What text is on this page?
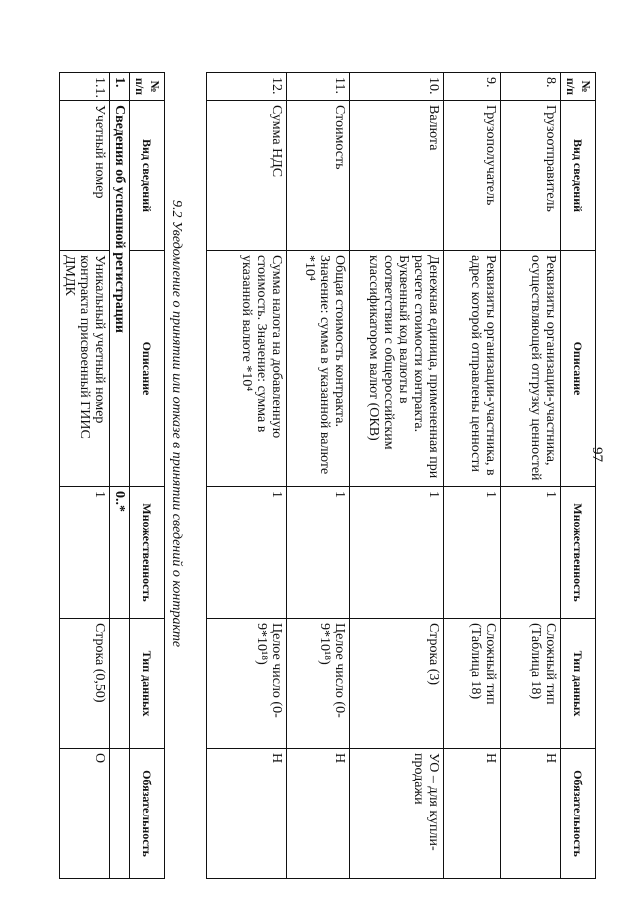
97
№ п/п	Вид сведений	Описание	Множественность	Тип данных	Обязательность
8.	Грузоотправитель	Реквизиты организации-участника, осуществляющей отгрузку ценностей	1	Сложный тип (Таблица 18)	Н
9.	Грузополучатель	Реквизиты организации-участника, в адрес которой отправлены ценности	1	Сложный тип (Таблица 18)	Н
10.	Валюта	Денежная единица, примененная при расчете стоимости контракта. Буквенный код валюты в соответствии с общероссийским классификатором валют (ОКВ)	1	Строка (3)	УО – для купли-продажи
11.	Стоимость	Общая стоимость контракта. Значение: сумма в указанной валюте *10⁴	1	Целое число (0-9*10¹⁸)	Н
12.	Сумма НДС	Сумма налога на добавленную стоимость. Значение: сумма в указанной валюте *10⁴	1	Целое число (0-9*10¹⁸)	Н
9.2 Уведомление о принятии или отказе в принятии сведений о контракте
№ п/п	Вид сведений	Описание	Множественность	Тип данных	Обязательность
1.	Сведения об успешной регистрации		0..*		
1.1.	Учетный номер	Уникальный учетный номер контракта присвоенный ГИИС ДМДК	1	Строка (0,50)	О
